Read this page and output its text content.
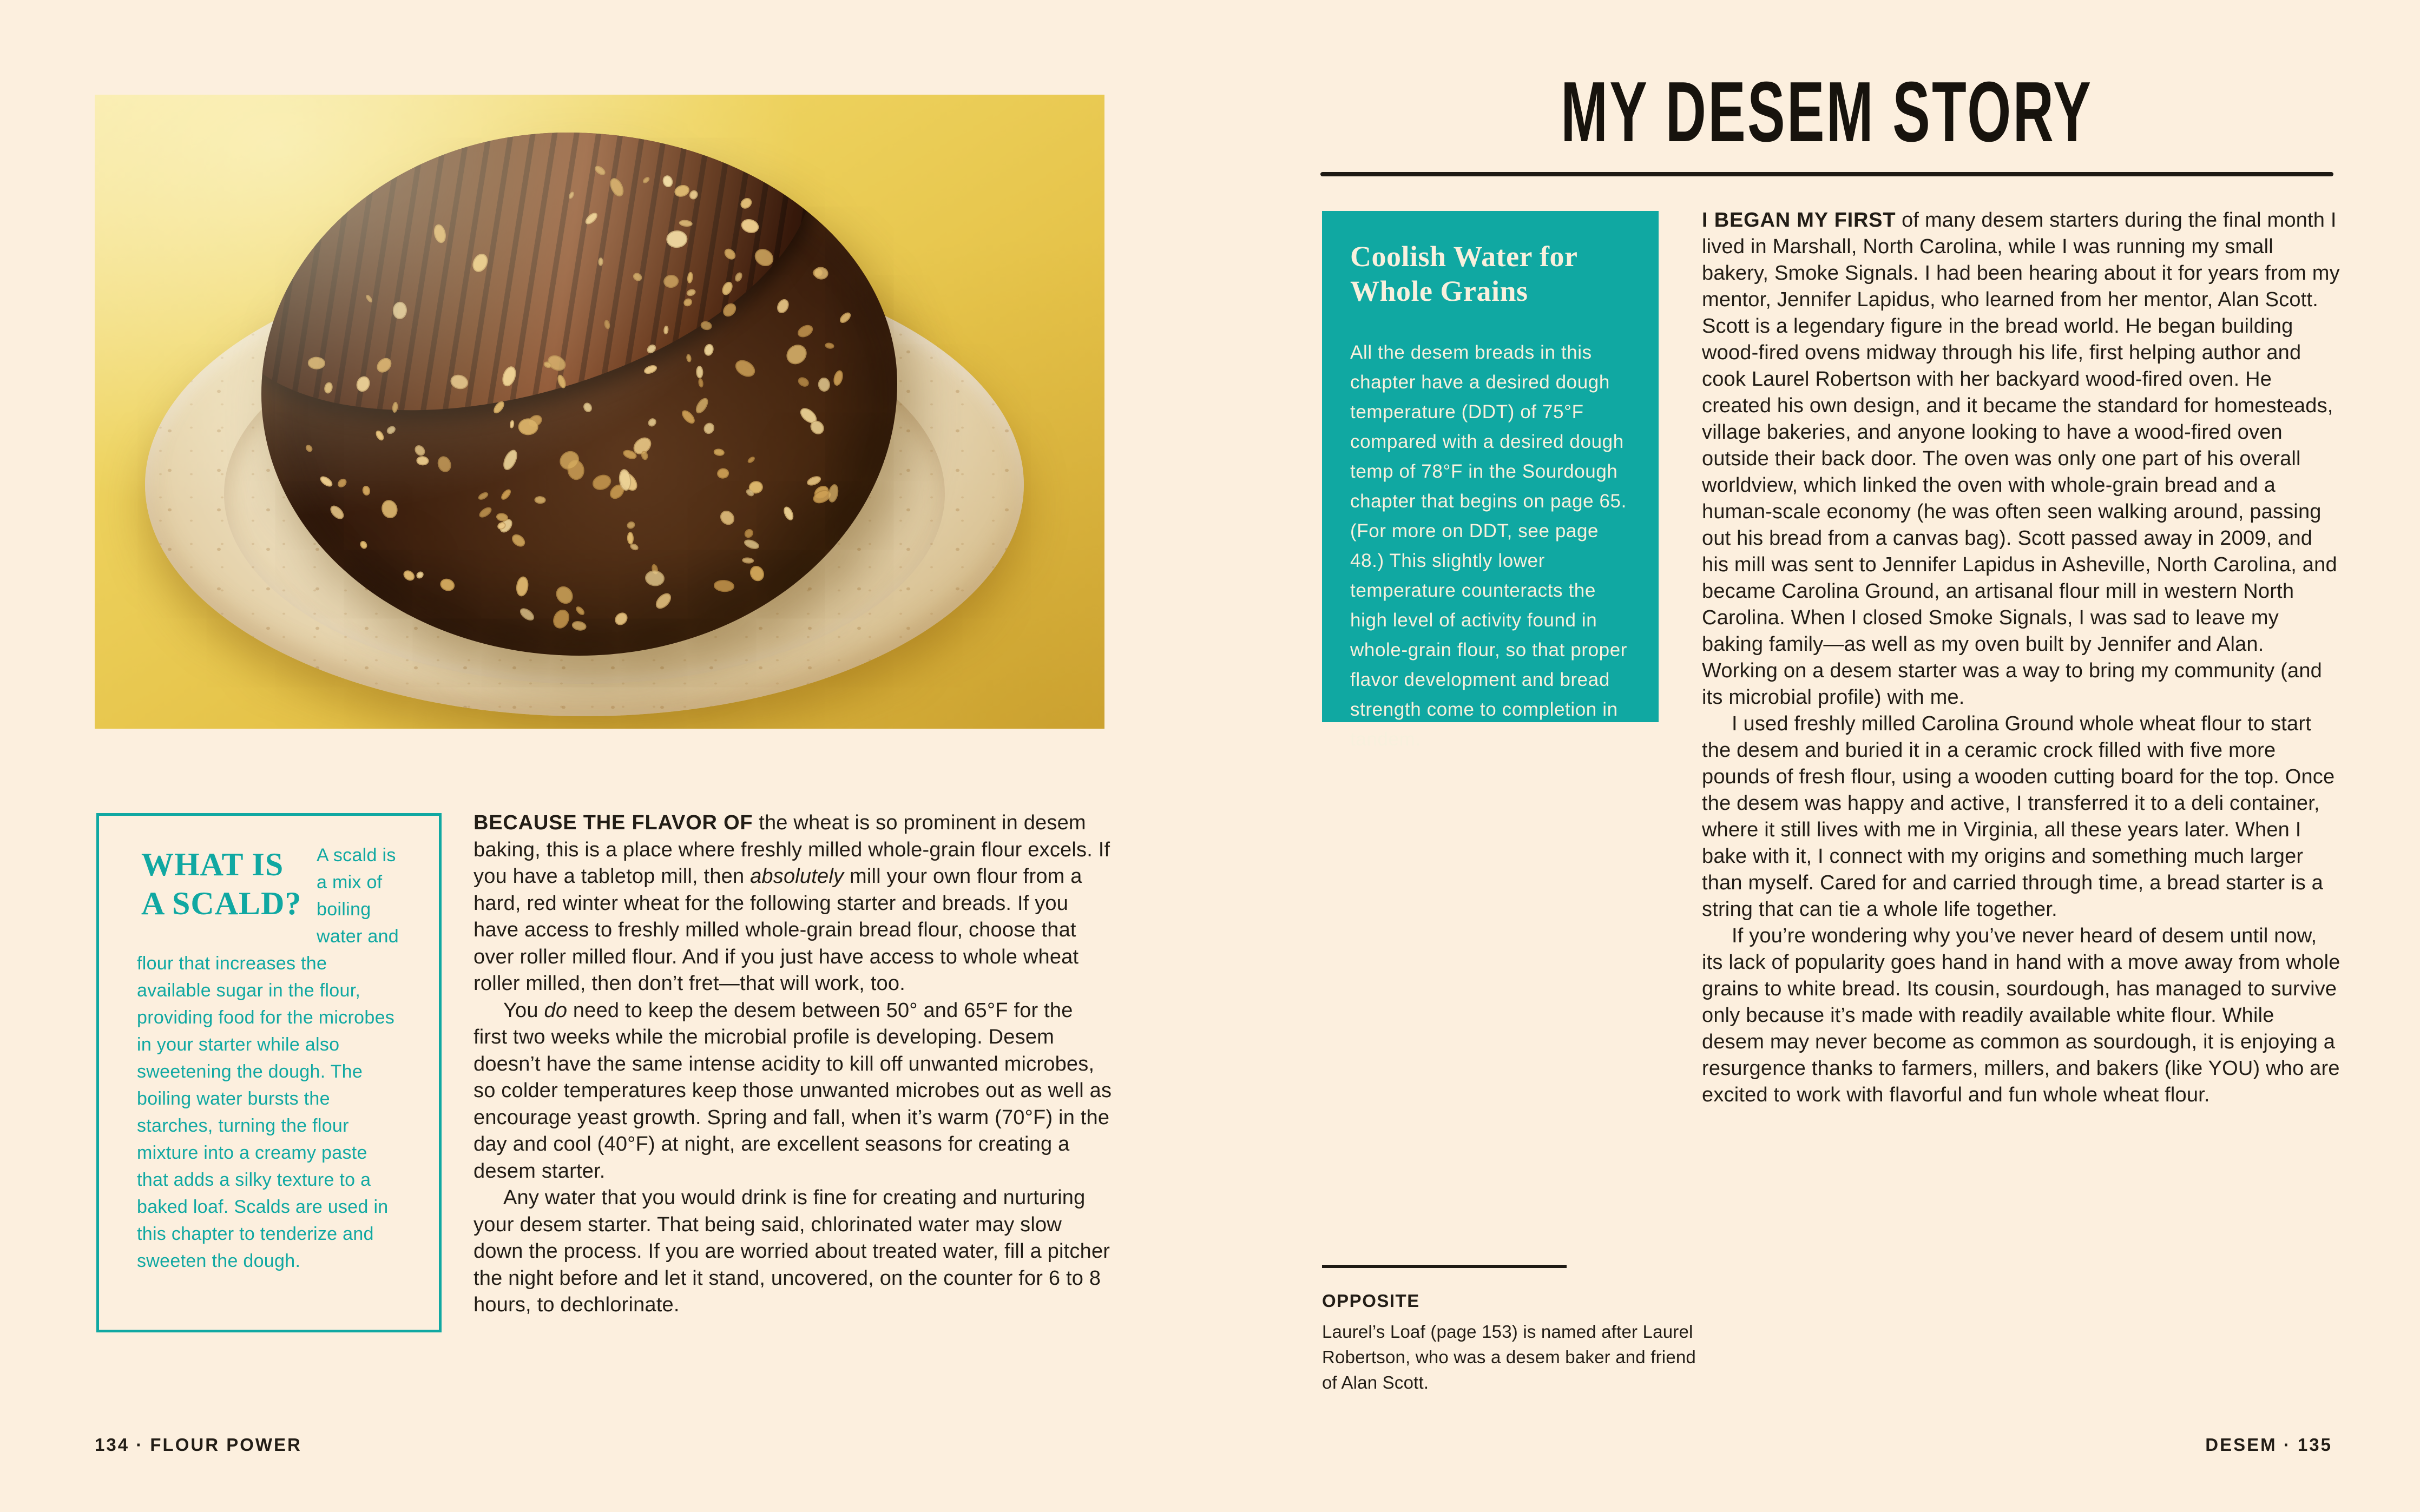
WHAT IS
A SCALD?
A scald is a mix of boiling water and flour that increases the available sugar in the flour, providing food for the microbes in your starter while also sweetening the dough. The boiling water bursts the starches, turning the flour mixture into a creamy paste that adds a silky texture to a baked loaf. Scalds are used in this chapter to tenderize and sweeten the dough.

BECAUSE THE FLAVOR OF the wheat is so prominent in desem baking, this is a place where freshly milled whole-grain flour excels. If you have a tabletop mill, then absolutely mill your own flour from a hard, red winter wheat for the following starter and breads. If you have access to freshly milled whole-grain bread flour, choose that over roller milled flour. And if you just have access to whole wheat roller milled, then don’t fret—that will work, too.

You do need to keep the desem between 50° and 65°F for the first two weeks while the microbial profile is developing. Desem doesn’t have the same intense acidity to kill off unwanted microbes, so colder temperatures keep those unwanted microbes out as well as encourage yeast growth. Spring and fall, when it’s warm (70°F) in the day and cool (40°F) at night, are excellent seasons for creating a desem starter.

Any water that you would drink is fine for creating and nurturing your desem starter. That being said, chlorinated water may slow down the process. If you are worried about treated water, fill a pitcher the night before and let it stand, uncovered, on the counter for 6 to 8 hours, to dechlorinate.

134 · FLOUR POWER
MY DESEM STORY
Coolish Water for Whole Grains
All the desem breads in this chapter have a desired dough temperature (DDT) of 75°F compared with a desired dough temp of 78°F in the Sourdough chapter that begins on page 65. (For more on DDT, see page 48.) This slightly lower temperature counteracts the high level of activity found in whole-grain flour, so that proper flavor development and bread strength come to completion in tandem.

I BEGAN MY FIRST of many desem starters during the final month I lived in Marshall, North Carolina, while I was running my small bakery, Smoke Signals. I had been hearing about it for years from my mentor, Jennifer Lapidus, who learned from her mentor, Alan Scott. Scott is a legendary figure in the bread world. He began building wood-fired ovens midway through his life, first helping author and cook Laurel Robertson with her backyard wood-fired oven. He created his own design, and it became the standard for homesteads, village bakeries, and anyone looking to have a wood-fired oven outside their back door. The oven was only one part of his overall worldview, which linked the oven with whole-grain bread and a human-scale economy (he was often seen walking around, passing out his bread from a canvas bag). Scott passed away in 2009, and his mill was sent to Jennifer Lapidus in Asheville, North Carolina, and became Carolina Ground, an artisanal flour mill in western North Carolina. When I closed Smoke Signals, I was sad to leave my baking family—as well as my oven built by Jennifer and Alan. Working on a desem starter was a way to bring my community (and its microbial profile) with me.

I used freshly milled Carolina Ground whole wheat flour to start the desem and buried it in a ceramic crock filled with five more pounds of fresh flour, using a wooden cutting board for the top. Once the desem was happy and active, I transferred it to a deli container, where it still lives with me in Virginia, all these years later. When I bake with it, I connect with my origins and something much larger than myself. Cared for and carried through time, a bread starter is a string that can tie a whole life together.

If you’re wondering why you’ve never heard of desem until now, its lack of popularity goes hand in hand with a move away from whole grains to white bread. Its cousin, sourdough, has managed to survive only because it’s made with readily available white flour. While desem may never become as common as sourdough, it is enjoying a resurgence thanks to farmers, millers, and bakers (like YOU) who are excited to work with flavorful and fun whole wheat flour.

OPPOSITE

Laurel’s Loaf (page 153) is named after Laurel Robertson, who was a desem baker and friend of Alan Scott.

DESEM · 135
